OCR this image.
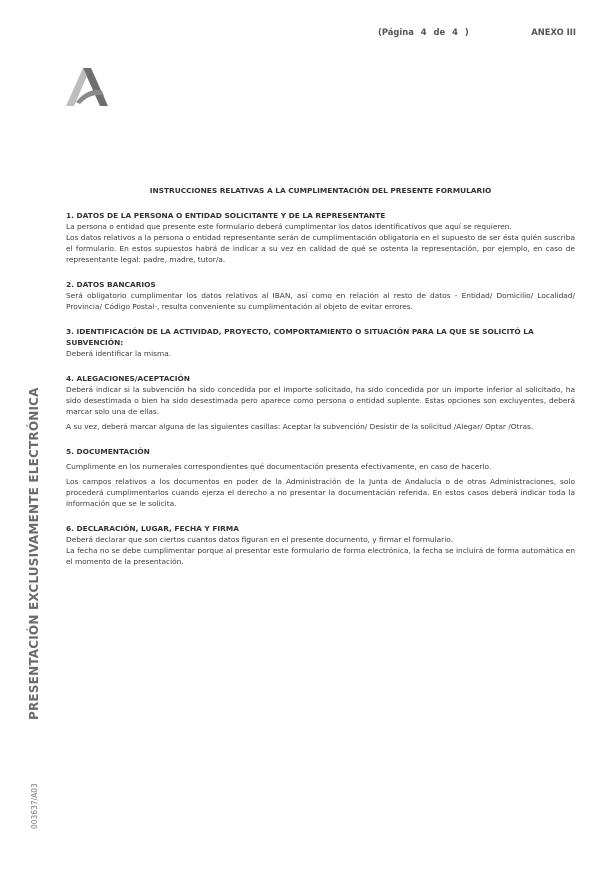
(Página 4 de 4 )	ANEXO III
PRESENTACIÓN EXCLUSIVAMENTE ELECTRÓNICA
003637/A03

INSTRUCCIONES RELATIVAS A LA CUMPLIMENTACIÓN DEL PRESENTE FORMULARIO

1. DATOS DE LA PERSONA O ENTIDAD SOLICITANTE Y DE LA REPRESENTANTE

La persona o entidad que presente este formulario deberá cumplimentar los datos identificativos que aquí se requieren.

Los datos relativos a la persona o entidad representante serán de cumplimentación obligatoria en el supuesto de ser ésta quién suscriba el formulario. En estos supuestos habrá de indicar a su vez en calidad de qué se ostenta la representación, por ejemplo, en caso de representante legal: padre, madre, tutor/a.

2. DATOS BANCARIOS

Será obligatorio cumplimentar los datos relativos al IBAN, así como en relación al resto de datos - Entidad/ Domicilio/ Localidad/ Provincia/ Código Postal-, resulta conveniente su cumplimentación al objeto de evitar errores.

3. IDENTIFICACIÓN DE LA ACTIVIDAD, PROYECTO, COMPORTAMIENTO O SITUACIÓN PARA LA QUE SE SOLICITÓ LA SUBVENCIÓN:

Deberá identificar la misma.

4. ALEGACIONES/ACEPTACIÓN

Deberá indicar si la subvención ha sido concedida por el importe solicitado, ha sido concedida por un importe inferior al solicitado, ha sido desestimada o bien ha sido desestimada pero aparece como persona o entidad suplente. Estas opciones son excluyentes, deberá marcar solo una de ellas.

A su vez, deberá marcar alguna de las siguientes casillas: Aceptar la subvención/ Desistir de la solicitud /Alegar/ Optar /Otras.

5. DOCUMENTACIÓN

Cumplimente en los numerales correspondientes qué documentación presenta efectivamente, en caso de hacerlo.

Los campos relativos a los documentos en poder de la Administración de la Junta de Andalucía o de otras Administraciones, solo procederá cumplimentarlos cuando ejerza el derecho a no presentar la documentación referida. En estos casos deberá indicar toda la información que se le solicita.

6. DECLARACIÓN, LUGAR, FECHA Y FIRMA

Deberá declarar que son ciertos cuantos datos figuran en el presente documento, y firmar el formulario.

La fecha no se debe cumplimentar porque al presentar este formulario de forma electrónica, la fecha se incluirá de forma automática en el momento de la presentación.
